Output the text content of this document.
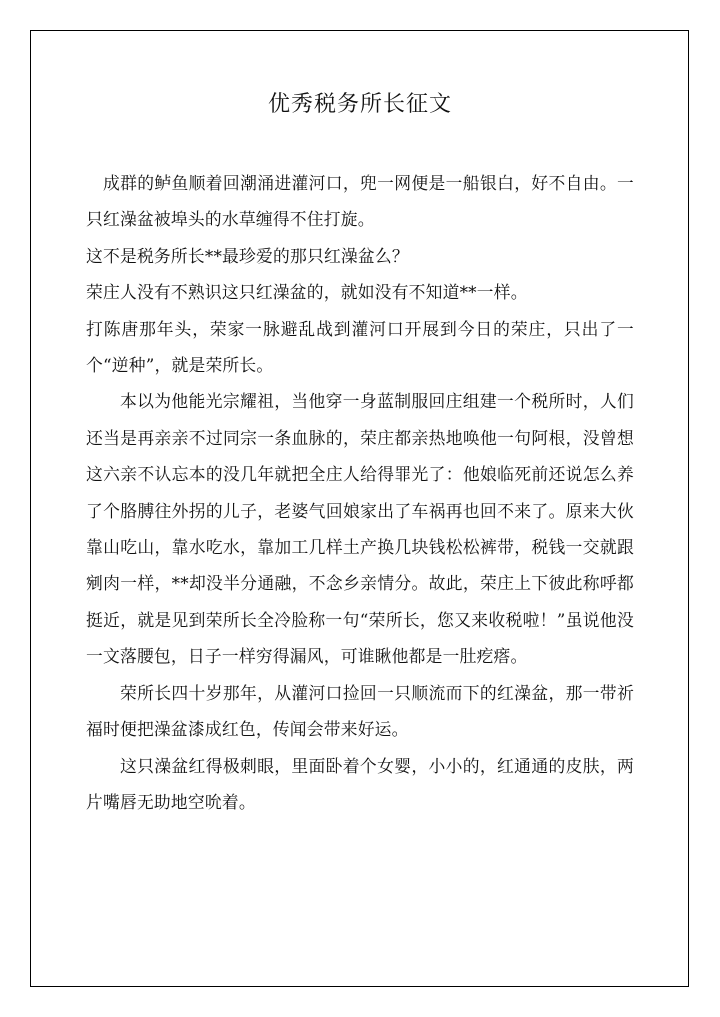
优秀税务所长征文

成群的鲈鱼顺着回潮涌进灌河口，兜一网便是一船银白，好不自由。一只红澡盆被埠头的水草缠得不住打旋。

这不是税务所长**最珍爱的那只红澡盆么？

荣庄人没有不熟识这只红澡盆的，就如没有不知道**一样。

打陈唐那年头，荣家一脉避乱战到灌河口开展到今日的荣庄，只出了一个“逆种”，就是荣所长。

本以为他能光宗耀祖，当他穿一身蓝制服回庄组建一个税所时，人们还当是再亲亲不过同宗一条血脉的，荣庄都亲热地唤他一句阿根，没曾想这六亲不认忘本的没几年就把全庄人给得罪光了：他娘临死前还说怎么养了个胳膊往外拐的儿子，老婆气回娘家出了车祸再也回不来了。原来大伙靠山吃山，靠水吃水，靠加工几样土产换几块钱松松裤带，税钱一交就跟剜肉一样，**却没半分通融，不念乡亲情分。故此，荣庄上下彼此称呼都挺近，就是见到荣所长全冷脸称一句“荣所长，您又来收税啦！”虽说他没一文落腰包，日子一样穷得漏风，可谁瞅他都是一肚疙瘩。

荣所长四十岁那年，从灌河口捡回一只顺流而下的红澡盆，那一带祈福时便把澡盆漆成红色，传闻会带来好运。

这只澡盆红得极刺眼，里面卧着个女婴，小小的，红通通的皮肤，两片嘴唇无助地空吮着。
